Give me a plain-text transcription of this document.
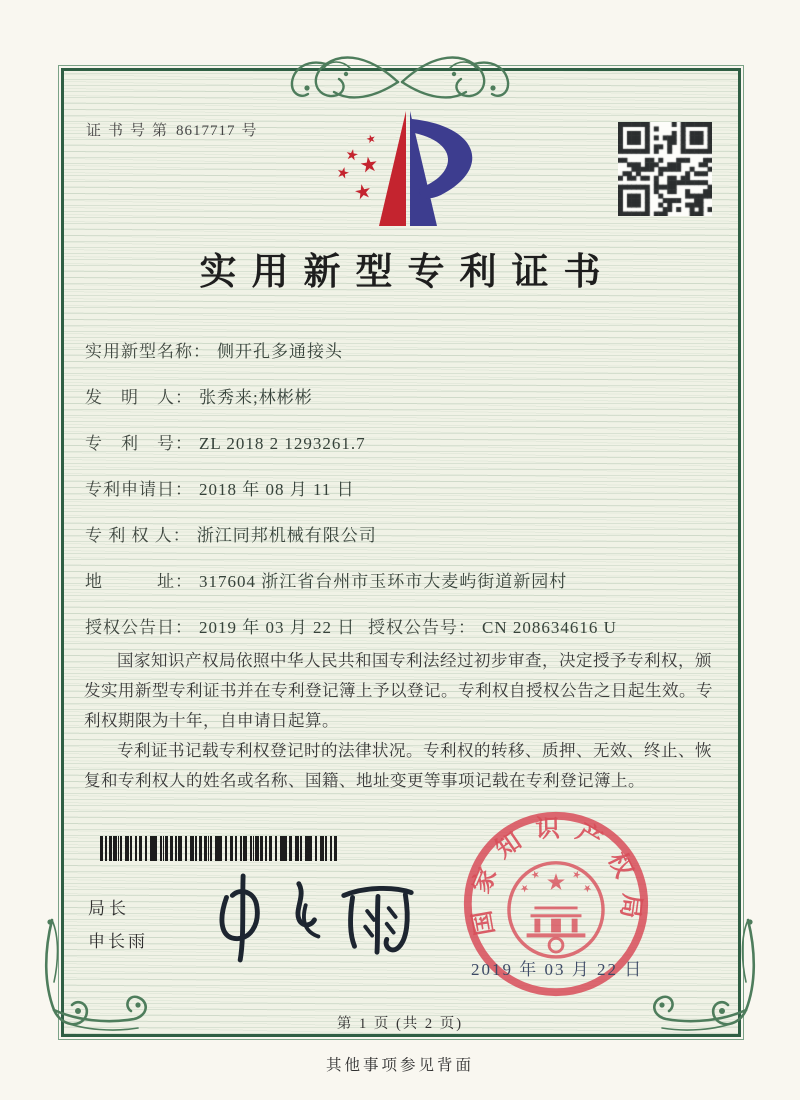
证书号第 8617717 号
实用新型专利证书
实用新型名称： 侧开孔多通接头
发　明　人： 张秀来;林彬彬
专　利　号： ZL 2018 2 1293261.7
专利申请日： 2018 年 08 月 11 日
专 利 权 人： 浙江同邦机械有限公司
地　　　址： 317604 浙江省台州市玉环市大麦屿街道新园村
授权公告日： 2019 年 03 月 22 日 授权公告号： CN 208634616 U

国家知识产权局依照中华人民共和国专利法经过初步审查，决定授予专利权，颁发实用新型专利证书并在专利登记簿上予以登记。专利权自授权公告之日起生效。专利权期限为十年，自申请日起算。

专利证书记载专利权登记时的法律状况。专利权的转移、质押、无效、终止、恢复和专利权人的姓名或名称、国籍、地址变更等事项记载在专利登记簿上。

局长
申长雨
国家知识产权局
2019 年 03 月 22 日
第 1 页 (共 2 页)
其他事项参见背面
